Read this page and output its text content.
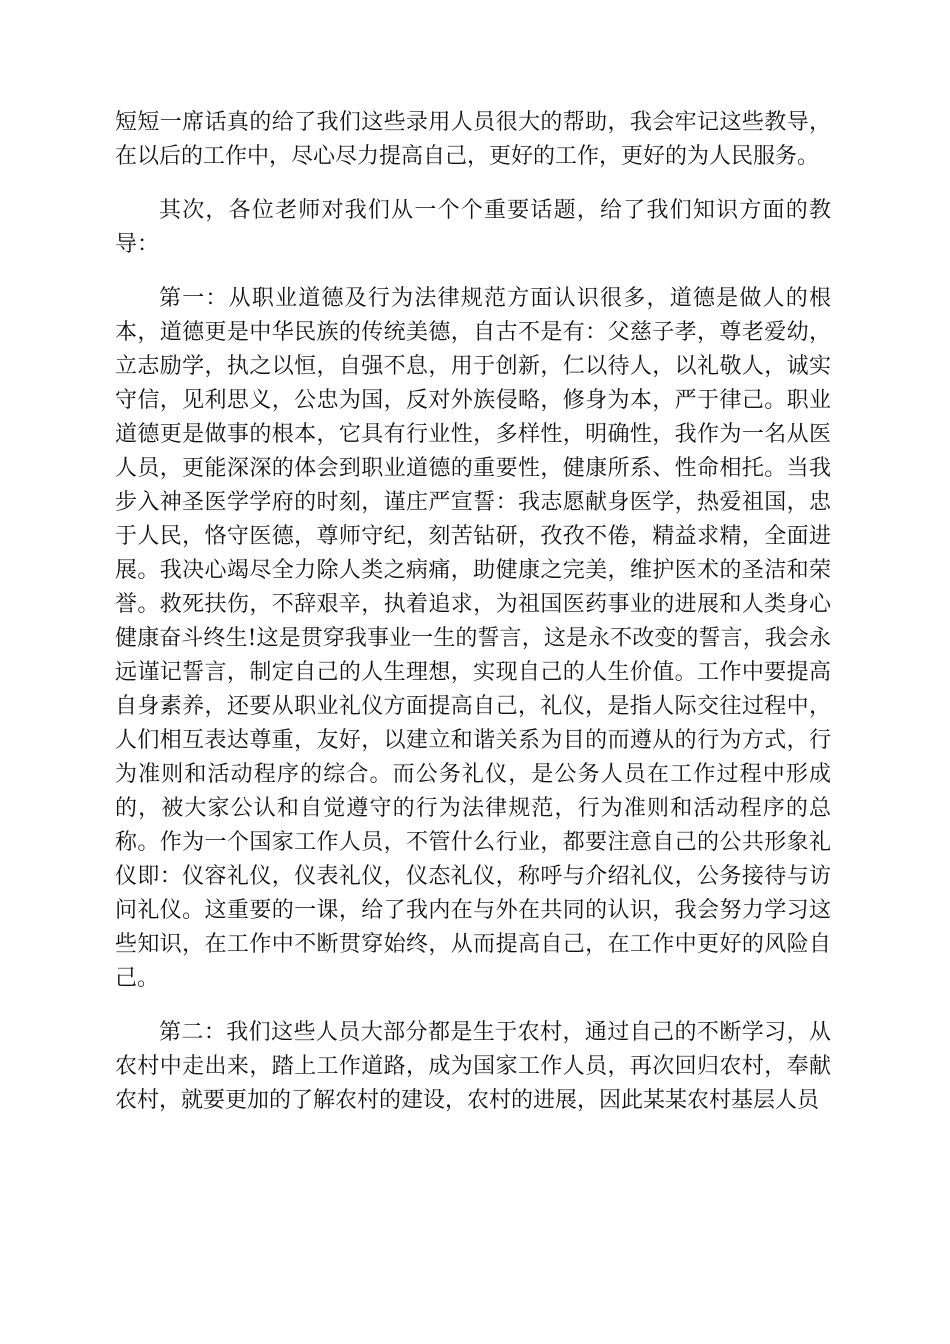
短短一席话真的给了我们这些录用人员很大的帮助，我会牢记这些教导，在以后的工作中，尽心尽力提高自己，更好的工作，更好的为人民服务。

其次，各位老师对我们从一个个重要话题，给了我们知识方面的教导：

第一：从职业道德及行为法律规范方面认识很多，道德是做人的根本，道德更是中华民族的传统美德，自古不是有：父慈子孝，尊老爱幼，立志励学，执之以恒，自强不息，用于创新，仁以待人，以礼敬人，诚实守信，见利思义，公忠为国，反对外族侵略，修身为本，严于律己。职业道德更是做事的根本，它具有行业性，多样性，明确性，我作为一名从医人员，更能深深的体会到职业道德的重要性，健康所系、性命相托。当我步入神圣医学学府的时刻，谨庄严宣誓：我志愿献身医学，热爱祖国，忠于人民，恪守医德，尊师守纪，刻苦钻研，孜孜不倦，精益求精，全面进展。我决心竭尽全力除人类之病痛，助健康之完美，维护医术的圣洁和荣誉。救死扶伤，不辞艰辛，执着追求，为祖国医药事业的进展和人类身心健康奋斗终生!这是贯穿我事业一生的誓言，这是永不改变的誓言，我会永远谨记誓言，制定自己的人生理想，实现自己的人生价值。工作中要提高自身素养，还要从职业礼仪方面提高自己，礼仪，是指人际交往过程中，人们相互表达尊重，友好，以建立和谐关系为目的而遵从的行为方式，行为准则和活动程序的综合。而公务礼仪，是公务人员在工作过程中形成的，被大家公认和自觉遵守的行为法律规范，行为准则和活动程序的总称。作为一个国家工作人员，不管什么行业，都要注意自己的公共形象礼仪即：仪容礼仪，仪表礼仪，仪态礼仪，称呼与介绍礼仪，公务接待与访问礼仪。这重要的一课，给了我内在与外在共同的认识，我会努力学习这些知识，在工作中不断贯穿始终，从而提高自己，在工作中更好的风险自己。

第二：我们这些人员大部分都是生于农村，通过自己的不断学习，从农村中走出来，踏上工作道路，成为国家工作人员，再次回归农村，奉献农村，就要更加的了解农村的建设，农村的进展，因此某某农村基层人员
